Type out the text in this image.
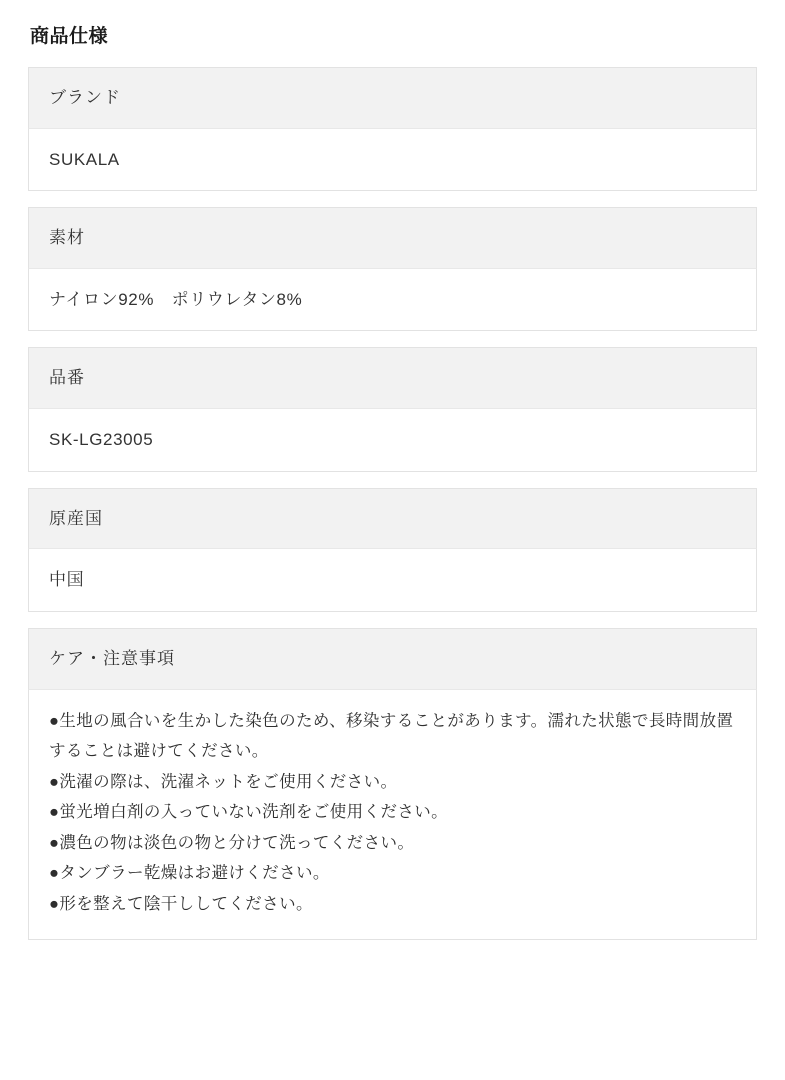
商品仕様
ブランド
SUKALA
素材
ナイロン92%　ポリウレタン8%
品番
SK-LG23005
原産国
中国
ケア・注意事項
●生地の風合いを生かした染色のため、移染することがあります。濡れた状態で長時間放置することは避けてください。
●洗濯の際は、洗濯ネットをご使用ください。
●蛍光増白剤の入っていない洗剤をご使用ください。
●濃色の物は淡色の物と分けて洗ってください。
●タンブラー乾燥はお避けください。
●形を整えて陰干ししてください。
